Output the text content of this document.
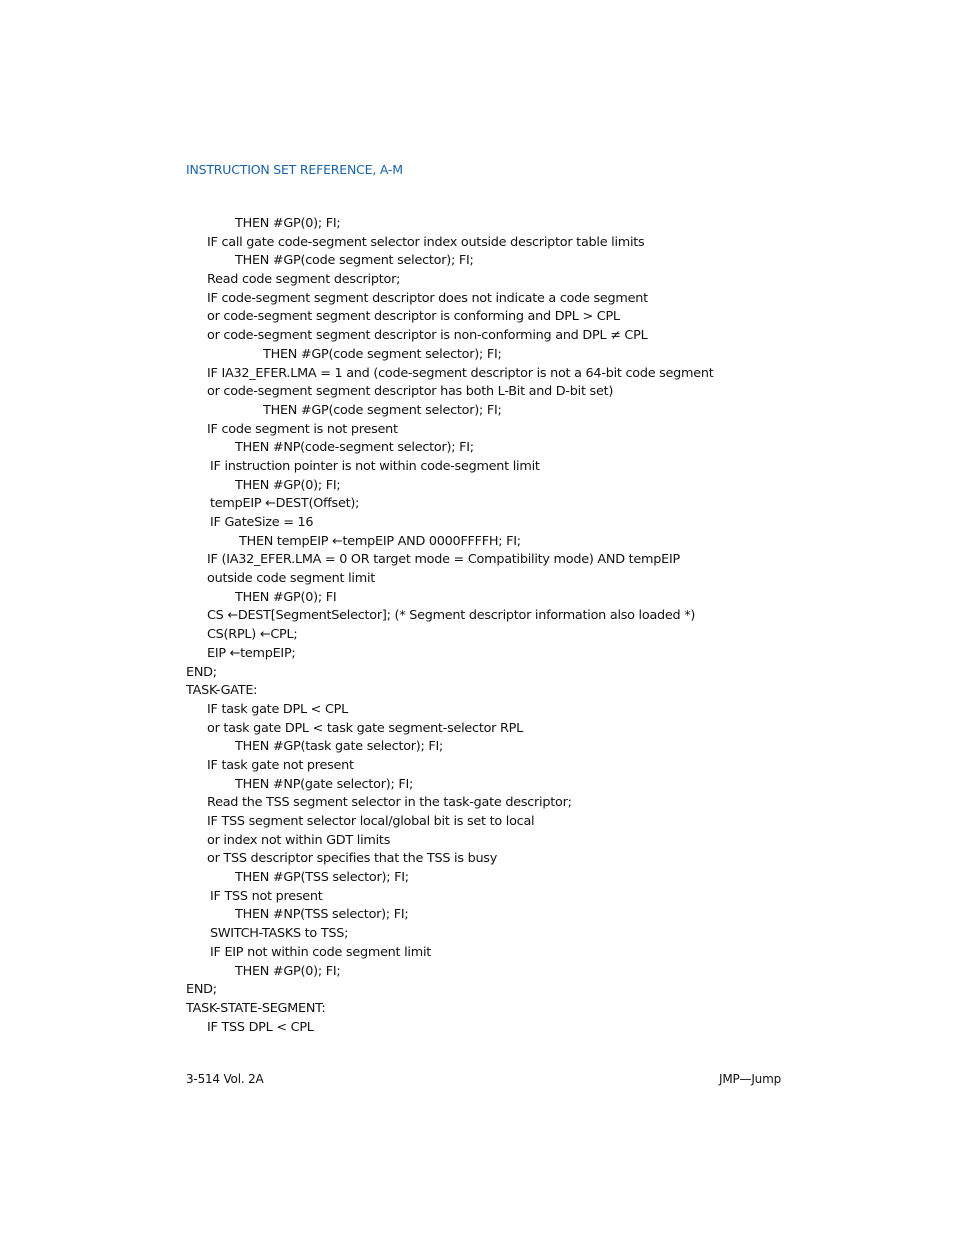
INSTRUCTION SET REFERENCE, A-M
THEN #GP(0); FI;
IF call gate code-segment selector index outside descriptor table limits
THEN #GP(code segment selector); FI;
Read code segment descriptor;
IF code-segment segment descriptor does not indicate a code segment
or code-segment segment descriptor is conforming and DPL > CPL
or code-segment segment descriptor is non-conforming and DPL ≠ CPL
THEN #GP(code segment selector); FI;
IF IA32_EFER.LMA = 1 and (code-segment descriptor is not a 64-bit code segment
or code-segment segment descriptor has both L-Bit and D-bit set)
THEN #GP(code segment selector); FI;
IF code segment is not present
THEN #NP(code-segment selector); FI;
IF instruction pointer is not within code-segment limit
THEN #GP(0); FI;
tempEIP ←DEST(Offset);
IF GateSize = 16
THEN tempEIP ←tempEIP AND 0000FFFFH; FI;
IF (IA32_EFER.LMA = 0 OR target mode = Compatibility mode) AND tempEIP
outside code segment limit
THEN #GP(0); FI
CS ←DEST[SegmentSelector]; (* Segment descriptor information also loaded *)
CS(RPL) ←CPL;
EIP ←tempEIP;
END;
TASK-GATE:
IF task gate DPL < CPL
or task gate DPL < task gate segment-selector RPL
THEN #GP(task gate selector); FI;
IF task gate not present
THEN #NP(gate selector); FI;
Read the TSS segment selector in the task-gate descriptor;
IF TSS segment selector local/global bit is set to local
or index not within GDT limits
or TSS descriptor specifies that the TSS is busy
THEN #GP(TSS selector); FI;
IF TSS not present
THEN #NP(TSS selector); FI;
SWITCH-TASKS to TSS;
IF EIP not within code segment limit
THEN #GP(0); FI;
END;
TASK-STATE-SEGMENT:
IF TSS DPL < CPL
3-514 Vol. 2A	JMP—Jump
